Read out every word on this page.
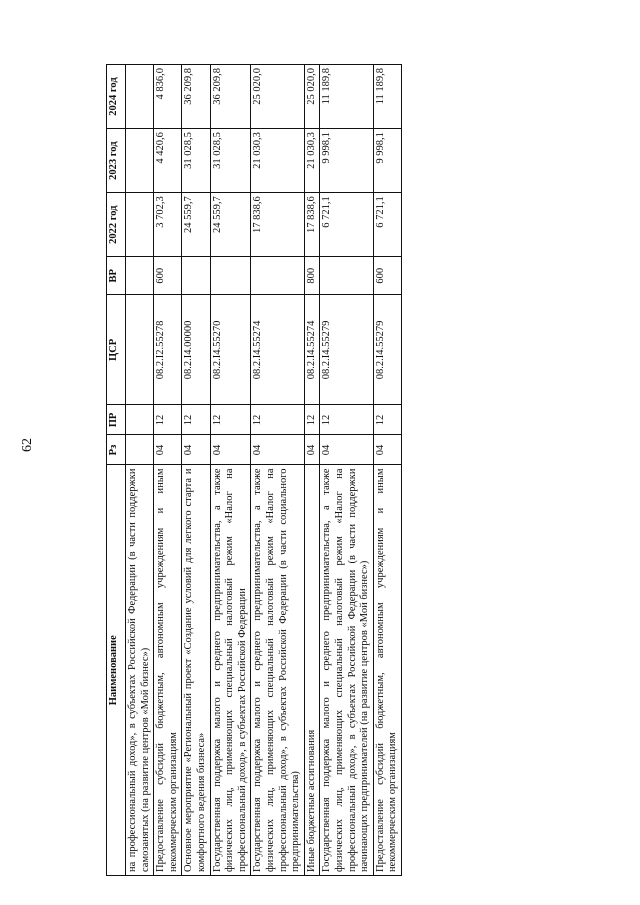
62
Наименование	Рз	ПР	ЦСР	ВР	2022 год	2023 год	2024 год
на профессиональный доход», в субъектах Российской Федерации (в части поддержки самозанятых (на развитие центров «Мой бизнес»)							
Предоставление субсидий бюджетным, автономным учреждениям и иным некоммерческим организациям	04	12	08.2.I2.55278	600	3 702,3	4 420,6	4 836,0
Основное мероприятие «Региональный проект «Создание условий для легкого старта и комфортного ведения бизнеса»	04	12	08.2.I4.00000		24 559,7	31 028,5	36 209,8
Государственная поддержка малого и среднего предпринимательства, а также физических лиц, применяющих специальный налоговый режим «Налог на профессиональный доход», в субъектах Российской Федерации	04	12	08.2.I4.55270		24 559,7	31 028,5	36 209,8
Государственная поддержка малого и среднего предпринимательства, а также физических лиц, применяющих специальный налоговый режим «Налог на профессиональный доход», в субъектах Российской Федерации (в части социального предпринимательства)	04	12	08.2.I4.55274		17 838,6	21 030,3	25 020,0
Иные бюджетные ассигнования	04	12	08.2.I4.55274	800	17 838,6	21 030,3	25 020,0
Государственная поддержка малого и среднего предпринимательства, а также физических лиц, применяющих специальный налоговый режим «Налог на профессиональный доход», в субъектах Российской Федерации (в части поддержки начинающих предпринимателей (на развитие центров «Мой бизнес»)	04	12	08.2.I4.55279		6 721,1	9 998,1	11 189,8
Предоставление субсидий бюджетным, автономным учреждениям и иным некоммерческим организациям	04	12	08.2.I4.55279	600	6 721,1	9 998,1	11 189,8
